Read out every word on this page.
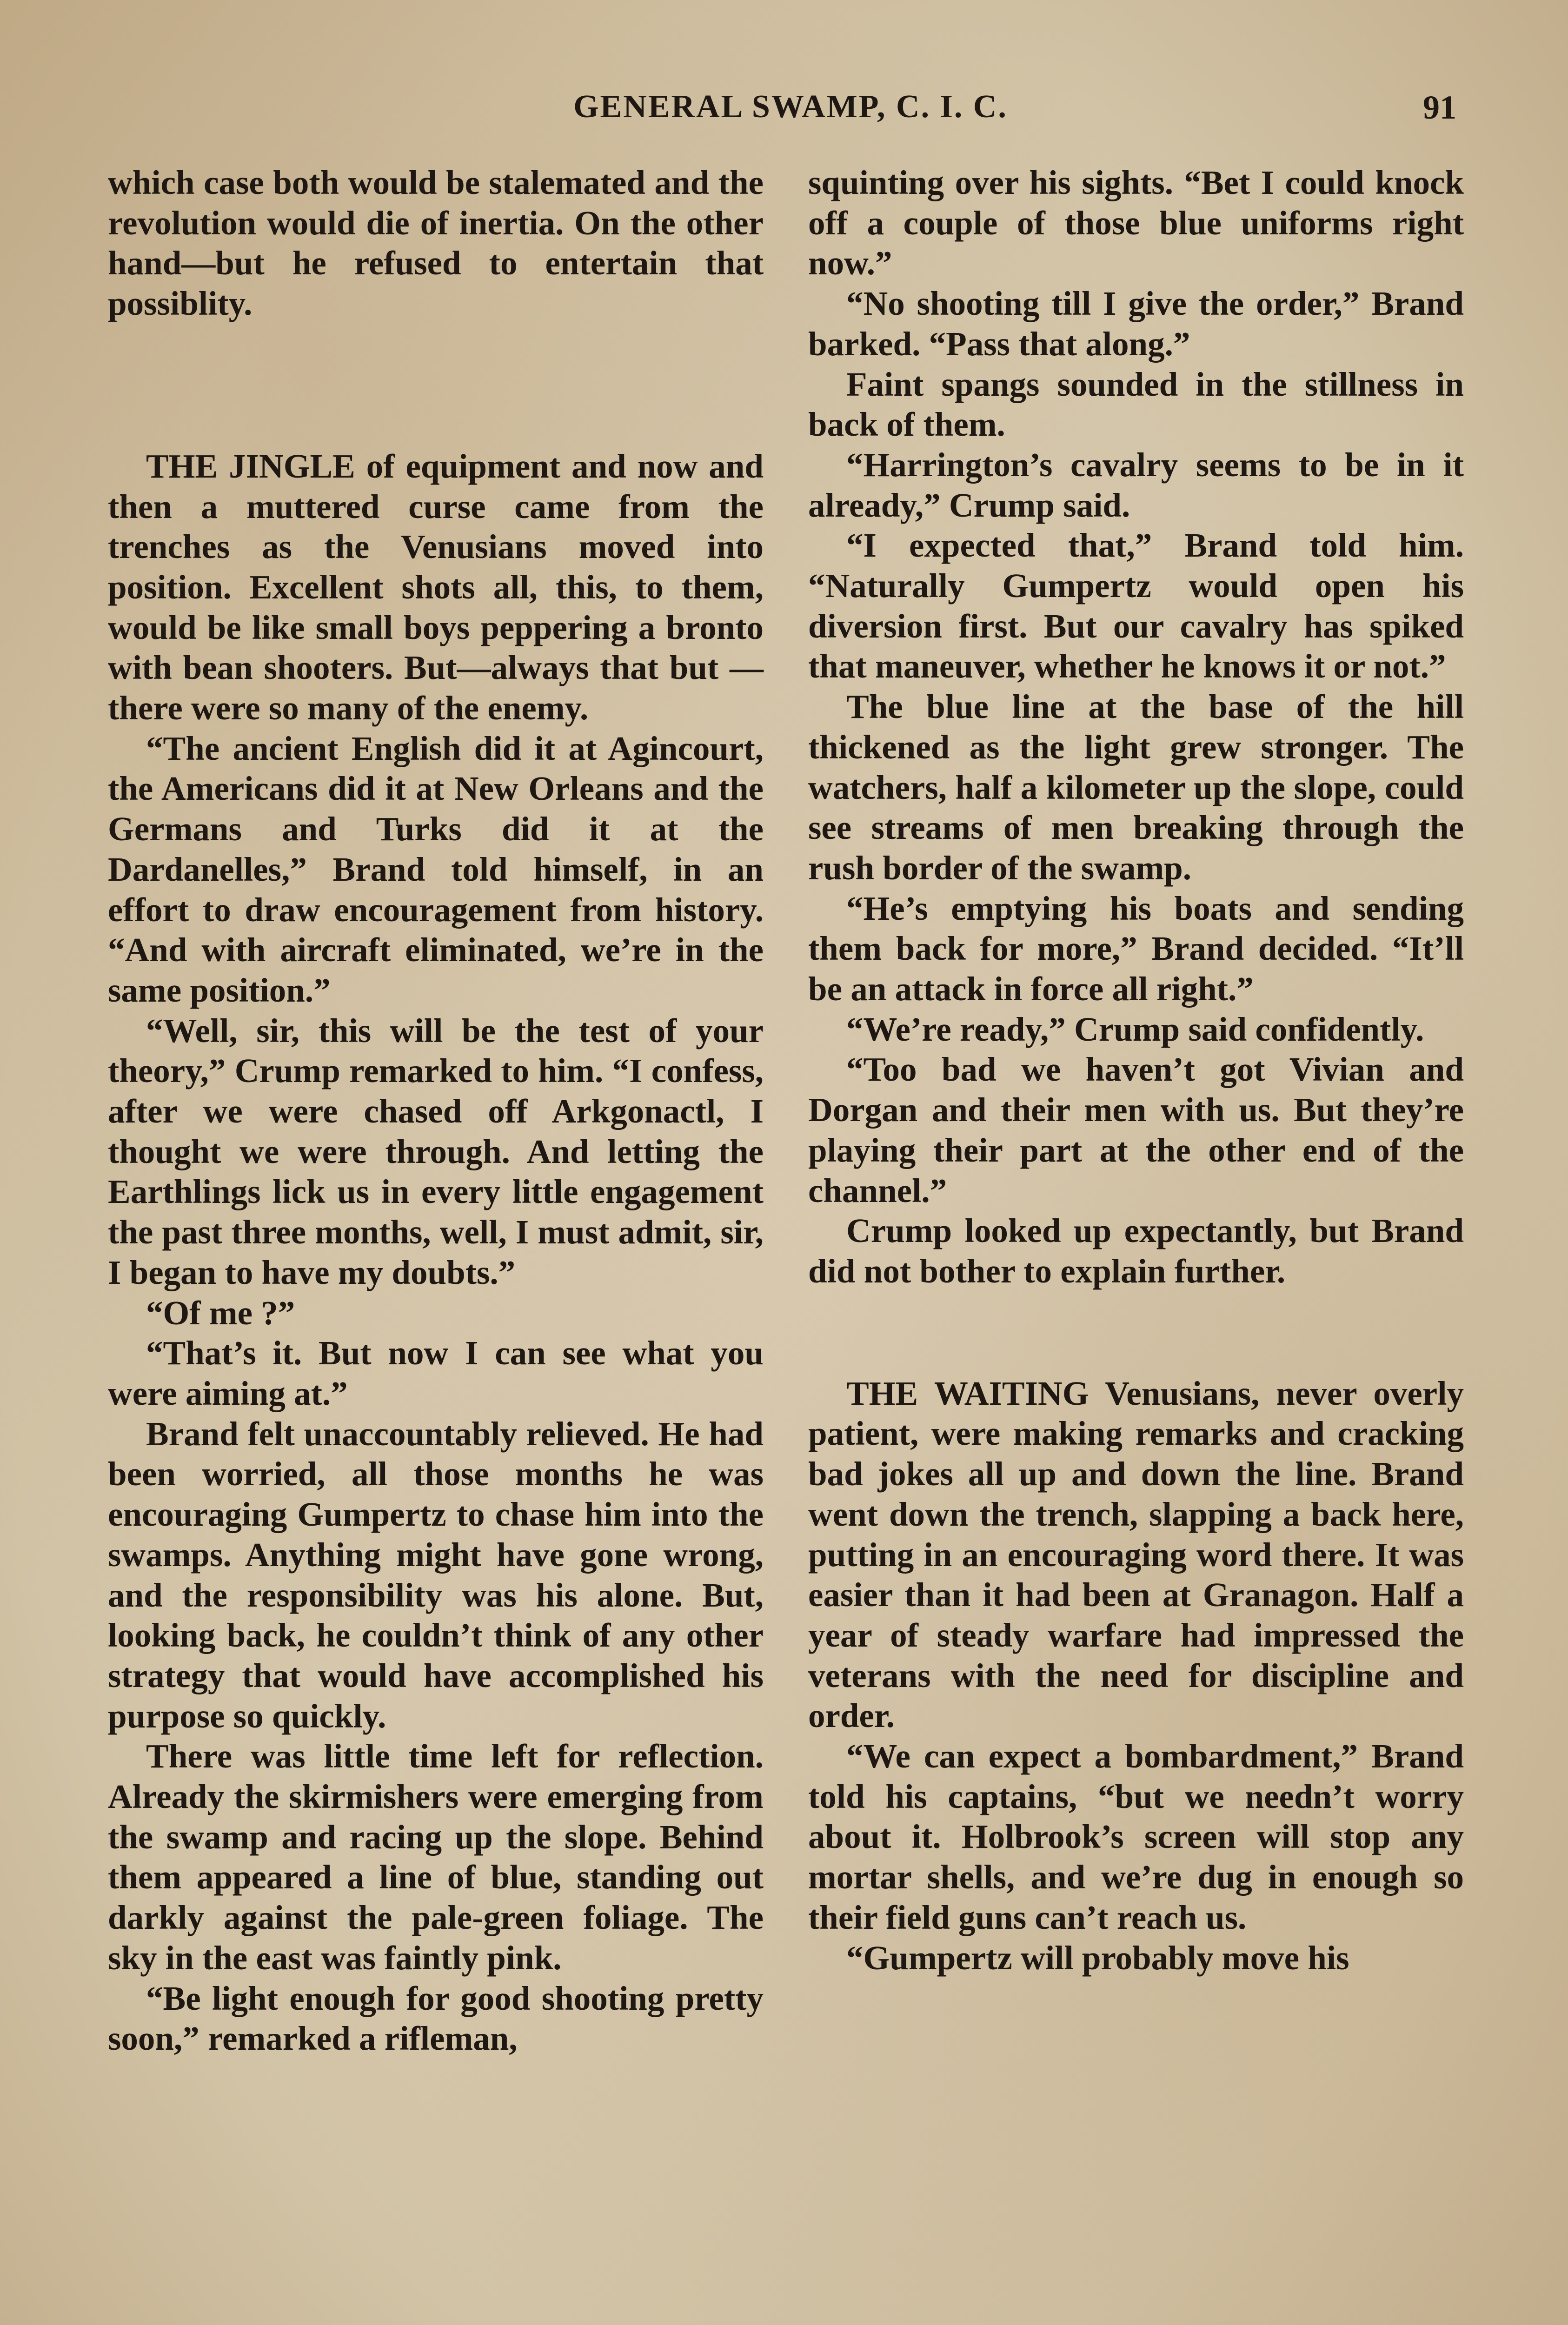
GENERAL SWAMP, C. I. C.	91

which case both would be stalemated and the revolution would die of inertia. On the other hand—but he refused to entertain that possiblity.

THE JINGLE of equipment and now and then a muttered curse came from the trenches as the Venusians moved into position. Excellent shots all, this, to them, would be like small boys peppering a bronto with bean shooters. But—always that but —there were so many of the enemy.

“The ancient English did it at Agincourt, the Americans did it at New Orleans and the Germans and Turks did it at the Dardanelles,” Brand told himself, in an effort to draw encouragement from history. “And with aircraft eliminated, we’re in the same position.”

“Well, sir, this will be the test of your theory,” Crump remarked to him. “I confess, after we were chased off Arkgonactl, I thought we were through. And letting the Earthlings lick us in every little engagement the past three months, well, I must admit, sir, I began to have my doubts.”

“Of me ?”

“That’s it. But now I can see what you were aiming at.”

Brand felt unaccountably relieved. He had been worried, all those months he was encouraging Gumpertz to chase him into the swamps. Anything might have gone wrong, and the responsibility was his alone. But, looking back, he couldn’t think of any other strategy that would have accomplished his purpose so quickly.

There was little time left for reflection. Already the skirmishers were emerging from the swamp and racing up the slope. Behind them appeared a line of blue, standing out darkly against the pale-green foliage. The sky in the east was faintly pink.

“Be light enough for good shooting pretty soon,” remarked a rifleman,

squinting over his sights. “Bet I could knock off a couple of those blue uniforms right now.”

“No shooting till I give the order,” Brand barked. “Pass that along.”

Faint spangs sounded in the stillness in back of them.

“Harrington’s cavalry seems to be in it already,” Crump said.

“I expected that,” Brand told him. “Naturally Gumpertz would open his diversion first. But our cavalry has spiked that maneuver, whether he knows it or not.”

The blue line at the base of the hill thickened as the light grew stronger. The watchers, half a kilometer up the slope, could see streams of men breaking through the rush border of the swamp.

“He’s emptying his boats and sending them back for more,” Brand decided. “It’ll be an attack in force all right.”

“We’re ready,” Crump said confidently.

“Too bad we haven’t got Vivian and Dorgan and their men with us. But they’re playing their part at the other end of the channel.”

Crump looked up expectantly, but Brand did not bother to explain further.

THE WAITING Venusians, never overly patient, were making remarks and cracking bad jokes all up and down the line. Brand went down the trench, slapping a back here, putting in an encouraging word there. It was easier than it had been at Granagon. Half a year of steady warfare had impressed the veterans with the need for discipline and order.

“We can expect a bombardment,” Brand told his captains, “but we needn’t worry about it. Holbrook’s screen will stop any mortar shells, and we’re dug in enough so their field guns can’t reach us.

“Gumpertz will probably move his
